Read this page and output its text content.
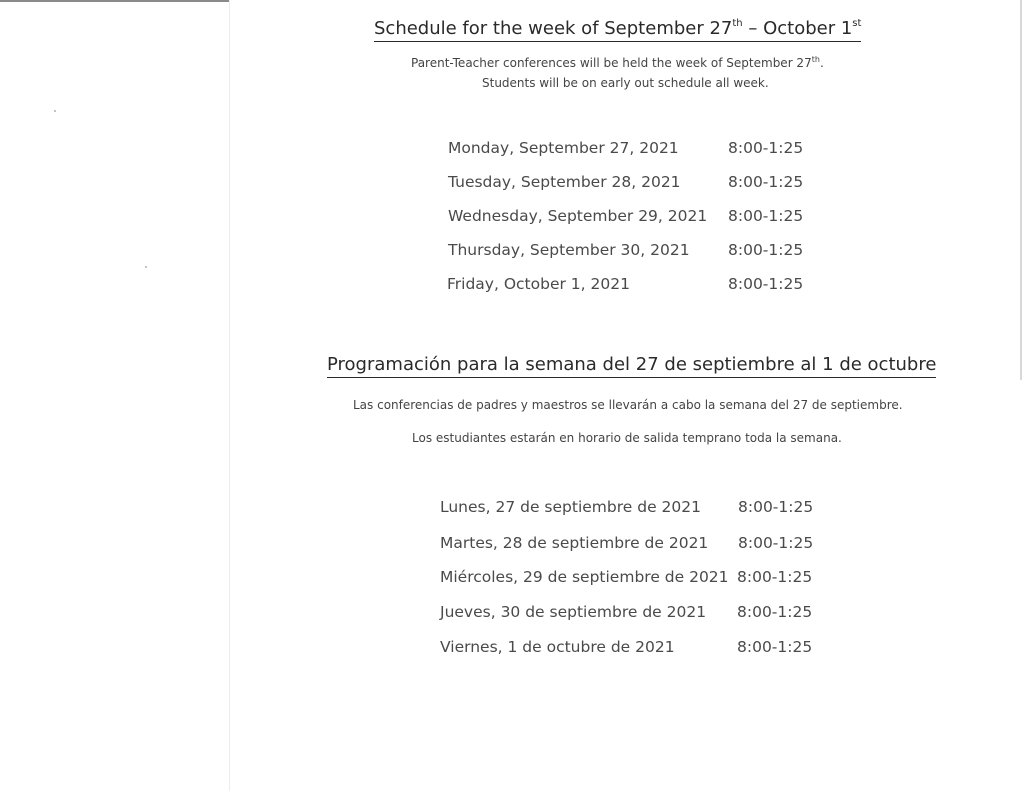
Schedule for the week of September 27th – October 1st
Parent-Teacher conferences will be held the week of September 27th.
Students will be on early out schedule all week.
Monday, September 27, 2021	8:00-1:25
Tuesday, September 28, 2021	8:00-1:25
Wednesday, September 29, 2021 8:00-1:25
Thursday, September 30, 2021 8:00-1:25
Friday, October 1, 2021	8:00-1:25
Programación para la semana del 27 de septiembre al 1 de octubre
Las conferencias de padres y maestros se llevarán a cabo la semana del 27 de septiembre.
Los estudiantes estarán en horario de salida temprano toda la semana.
Lunes, 27 de septiembre de 2021 8:00-1:25
Martes, 28 de septiembre de 2021 8:00-1:25
Miércoles, 29 de septiembre de 2021 8:00-1:25
Jueves, 30 de septiembre de 2021 8:00-1:25
Viernes, 1 de octubre de 2021	8:00-1:25
